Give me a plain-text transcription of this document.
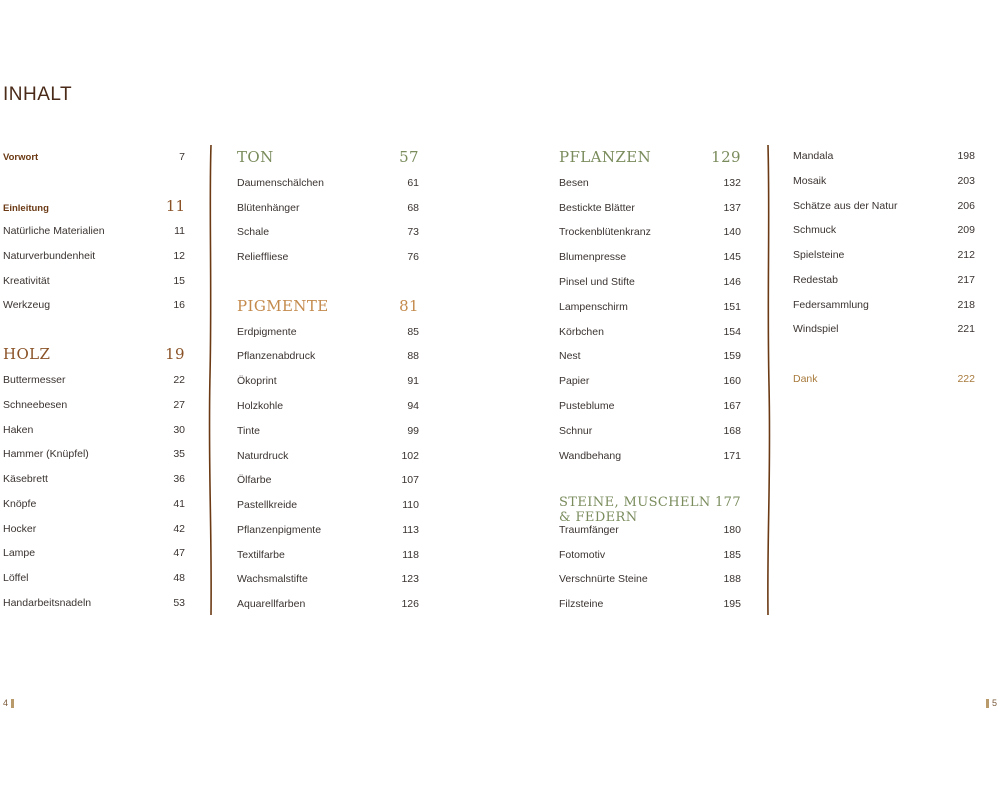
INHALT
Vorwort	7
Einleitung	11
Natürliche Materialien	11
Naturverbundenheit	12
Kreativität	15
Werkzeug	16
HOLZ	19
Buttermesser	22
Schneebesen	27
Haken	30
Hammer (Knüpfel)	35
Käsebrett	36
Knöpfe	41
Hocker	42
Lampe	47
Löffel	48
Handarbeitsnadeln	53
TON	57
Daumenschälchen	61
Blütenhänger	68
Schale	73
Reliefﬂiese	76
PIGMENTE	81
Erdpigmente	85
Pﬂanzenabdruck	88
Ökoprint	91
Holzkohle	94
Tinte	99
Naturdruck	102
Ölfarbe	107
Pastellkreide	110
Pﬂanzenpigmente	113
Textilfarbe	118
Wachsmalstifte	123
Aquarellfarben	126
PFLANZEN	129
Besen	132
Bestickte Blätter	137
Trockenblütenkranz	140
Blumenpresse	145
Pinsel und Stifte	146
Lampenschirm	151
Körbchen	154
Nest	159
Papier	160
Pusteblume	167
Schnur	168
Wandbehang	171
STEINE, MUSCHELN & FEDERN
177
Traumfänger	180
Fotomotiv	185
Verschnürte Steine	188
Filzsteine	195
Mandala	198
Mosaik	203
Schätze aus der Natur	206
Schmuck	209
Spielsteine	212
Redestab	217
Federsammlung	218
Windspiel	221
Dank	222
4	5
